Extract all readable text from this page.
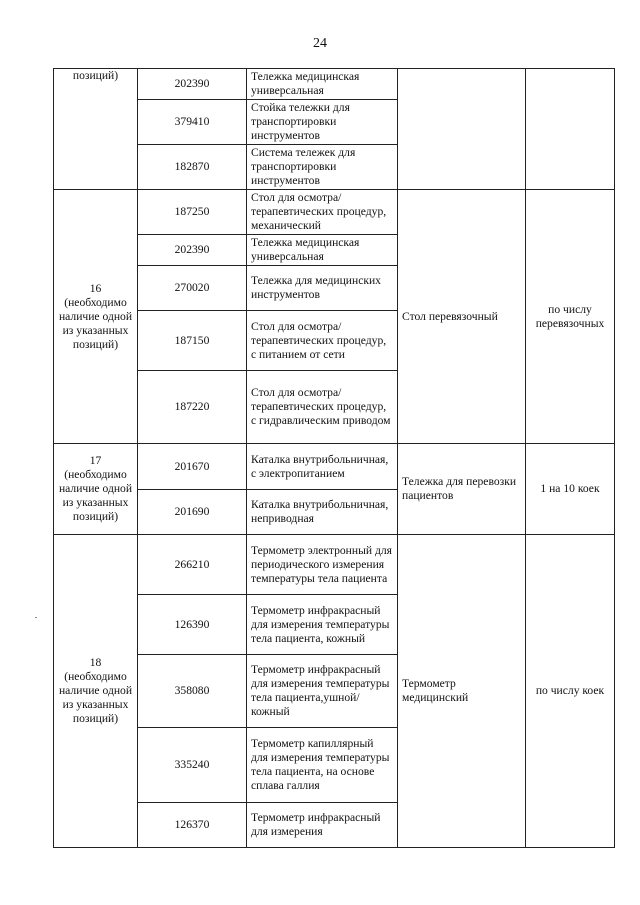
24
позиций)	202390	Тележка медицинская универсальная		
	379410	Стойка тележки для транспортировки инструментов		
	182870	Система тележек для транспортировки инструментов		
16 (необходимо наличие одной из указанных позиций)	187250	Стол для осмотра/ терапевтических процедур, механический	Стол перевязочный	по числу перевязочных
	202390	Тележка медицинская универсальная		
	270020	Тележка для медицинских инструментов		
	187150	Стол для осмотра/ терапевтических процедур, с питанием от сети		
	187220	Стол для осмотра/ терапевтических процедур, с гидравлическим приводом		
17 (необходимо наличие одной из указанных позиций)	201670	Каталка внутрибольничная, с электропитанием	Тележка для перевозки пациентов	1 на 10 коек
	201690	Каталка внутрибольничная, неприводная		
18 (необходимо наличие одной из указанных позиций)	266210	Термометр электронный для периодического измерения температуры тела пациента	Термометр медицинский	по числу коек
	126390	Термометр инфракрасный для измерения температуры тела пациента, кожный		
	358080	Термометр инфракрасный для измерения температуры тела пациента,ушной/кожный		
	335240	Термометр капиллярный для измерения температуры тела пациента, на основе сплава галлия		
	126370	Термометр инфракрасный для измерения		
